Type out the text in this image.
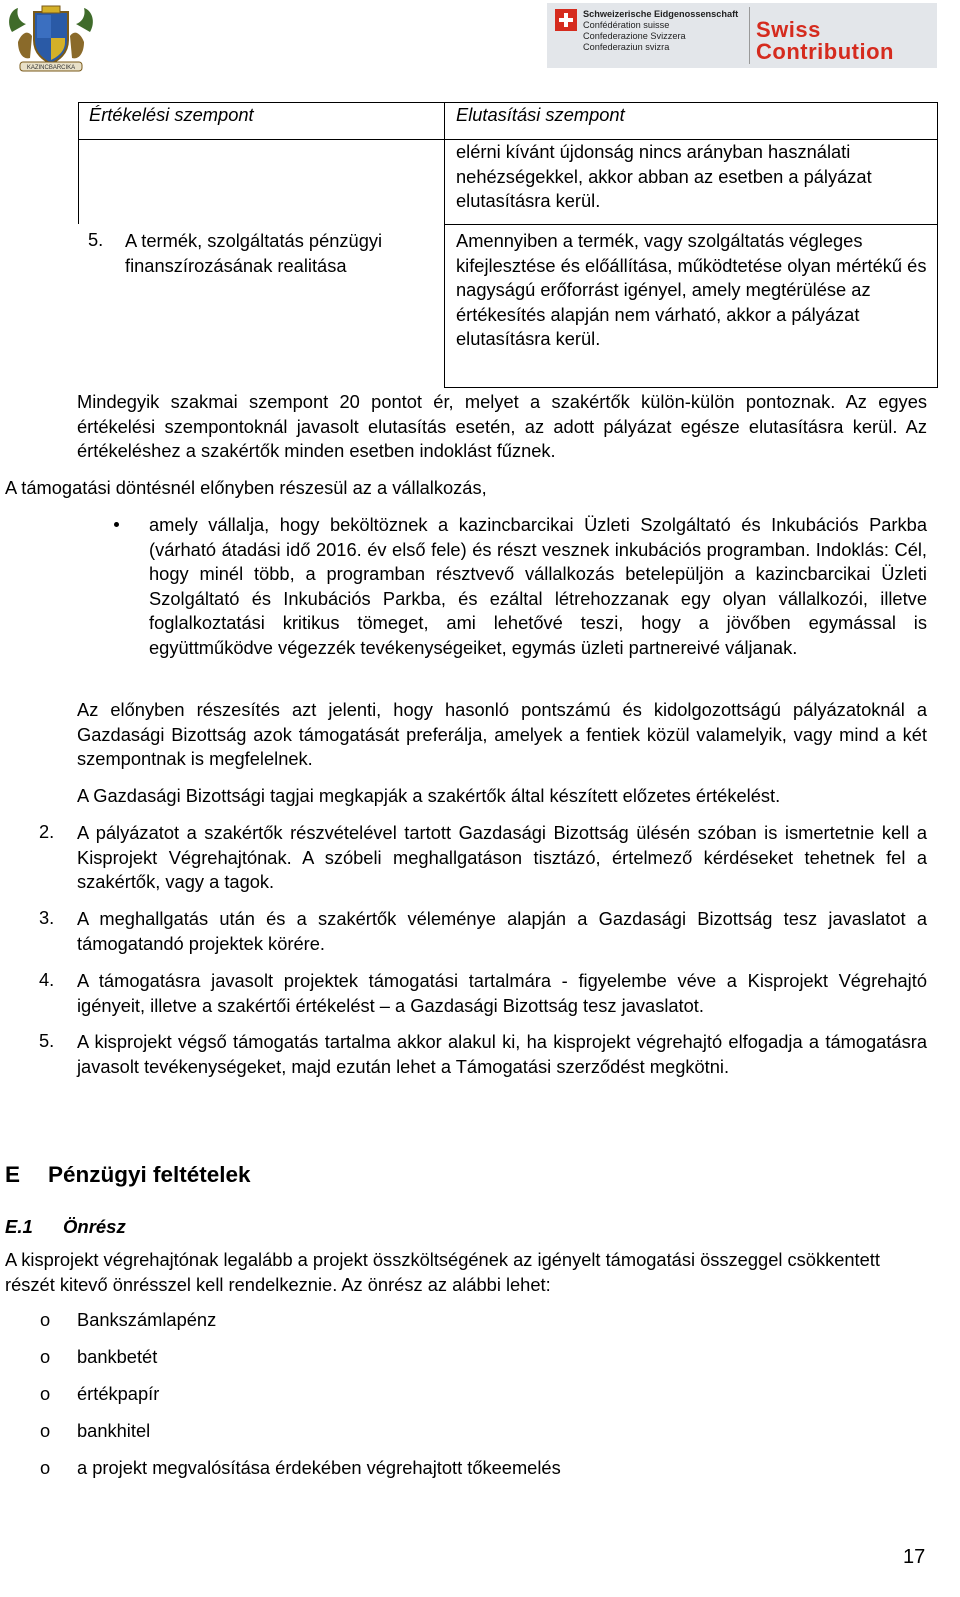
KAZINCBARCIKA
Schweizerische Eidgenossenschaft
Confédération suisse
Confederazione Svizzera
Confederaziun svizra
Swiss
Contribution
Értékelési szempont	Elutasítási szempont
elérni kívánt újdonság nincs arányban használati nehézségekkel, akkor abban az esetben a pályázat elutasításra kerül.
5. A termék, szolgáltatás pénzügyi finanszírozásának realitása
Amennyiben a termék, vagy szolgáltatás végleges kifejlesztése és előállítása, működtetése olyan mértékű és nagyságú erőforrást igényel, amely megtérülése az értékesítés alapján nem várható, akkor a pályázat elutasításra kerül.

Mindegyik szakmai szempont 20 pontot ér, melyet a szakértők külön-külön pontoznak. Az egyes értékelési szempontoknál javasolt elutasítás esetén, az adott pályázat egésze elutasításra kerül. Az értékeléshez a szakértők minden esetben indoklást fűznek.

A támogatási döntésnél előnyben részesül az a vállalkozás,

amely vállalja, hogy beköltöznek a kazincbarcikai Üzleti Szolgáltató és Inkubációs Parkba (várható átadási idő 2016. év első fele) és részt vesznek inkubációs programban. Indoklás: Cél, hogy minél több, a programban résztvevő vállalkozás betelepüljön a kazincbarcikai Üzleti Szolgáltató és Inkubációs Parkba, és ezáltal létrehozzanak egy olyan vállalkozói, illetve foglalkoztatási kritikus tömeget, ami lehetővé teszi, hogy a jövőben egymással is együttműködve végezzék tevékenységeiket, egymás üzleti partnereivé váljanak.

Az előnyben részesítés azt jelenti, hogy hasonló pontszámú és kidolgozottságú pályázatoknál a Gazdasági Bizottság azok támogatását preferálja, amelyek a fentiek közül valamelyik, vagy mind a két szempontnak is megfelelnek.

A Gazdasági Bizottsági tagjai megkapják a szakértők által készített előzetes értékelést.

2. A pályázatot a szakértők részvételével tartott Gazdasági Bizottság ülésén szóban is ismertetnie kell a Kisprojekt Végrehajtónak. A szóbeli meghallgatáson tisztázó, értelmező kérdéseket tehetnek fel a szakértők, vagy a tagok.

3. A meghallgatás után és a szakértők véleménye alapján a Gazdasági Bizottság tesz javaslatot a támogatandó projektek körére.

4. A támogatásra javasolt projektek támogatási tartalmára - figyelembe véve a Kisprojekt Végrehajtó igényeit, illetve a szakértői értékelést – a Gazdasági Bizottság tesz javaslatot.

5. A kisprojekt végső támogatás tartalma akkor alakul ki, ha kisprojekt végrehajtó elfogadja a támogatásra javasolt tevékenységeket, majd ezután lehet a Támogatási szerződést megkötni.

E Pénzügyi feltételek
E.1 Önrész

A kisprojekt végrehajtónak legalább a projekt összköltségének az igényelt támogatási összeggel csökkentett részét kitevő önrésszel kell rendelkeznie. Az önrész az alábbi lehet:

o Bankszámlapénz
o bankbetét
o értékpapír
o bankhitel
o a projekt megvalósítása érdekében végrehajtott tőkeemelés
17
